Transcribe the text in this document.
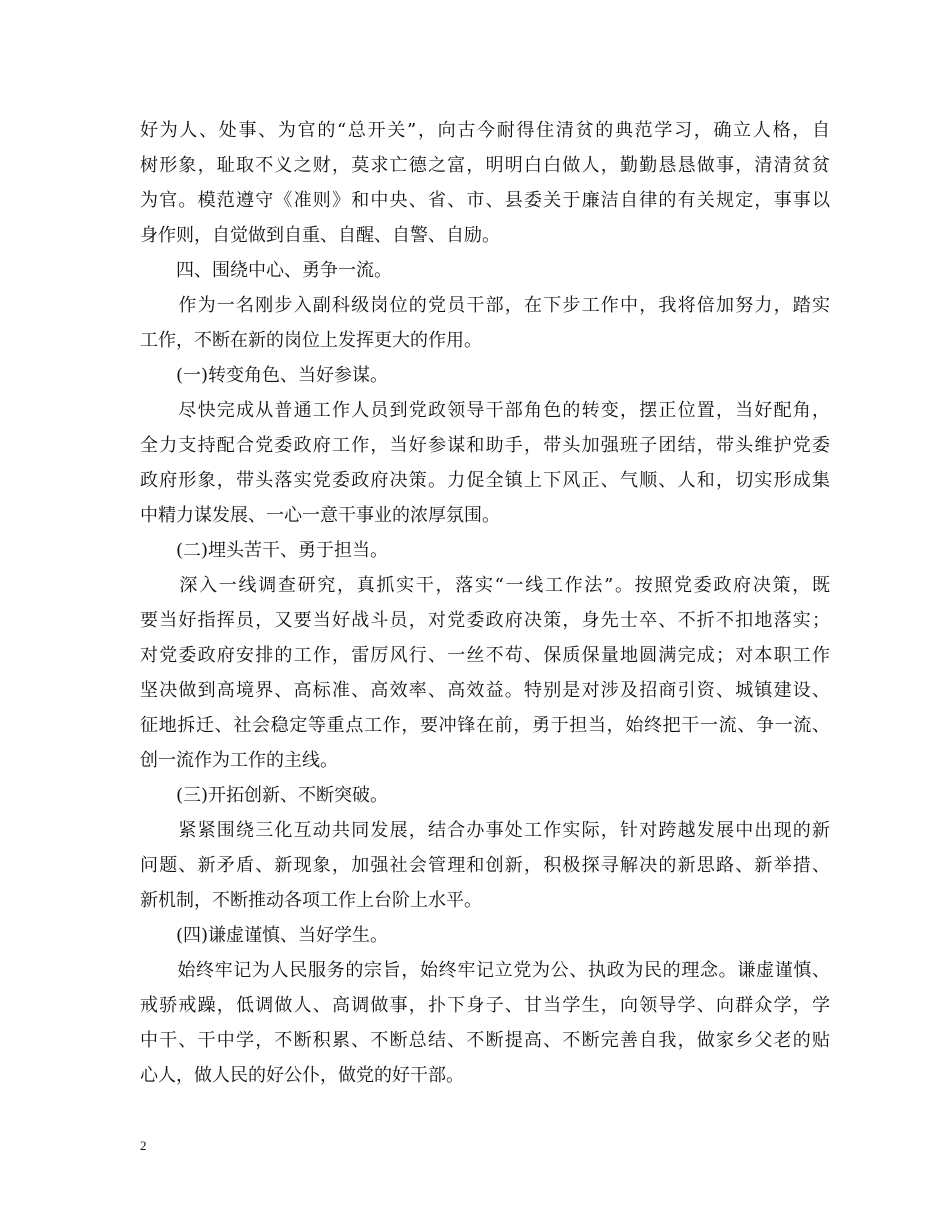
好为人、处事、为官的“总开关”，向古今耐得住清贫的典范学习，确立人格，自
树形象，耻取不义之财，莫求亡德之富，明明白白做人，勤勤恳恳做事，清清贫贫
为官。模范遵守《准则》和中央、省、市、县委关于廉洁自律的有关规定，事事以
身作则，自觉做到自重、自醒、自警、自励。
　　四、围绕中心、勇争一流。
　　作为一名刚步入副科级岗位的党员干部，在下步工作中，我将倍加努力，踏实
工作，不断在新的岗位上发挥更大的作用。
　　(一)转变角色、当好参谋。
　　尽快完成从普通工作人员到党政领导干部角色的转变，摆正位置，当好配角，
全力支持配合党委政府工作，当好参谋和助手，带头加强班子团结，带头维护党委
政府形象，带头落实党委政府决策。力促全镇上下风正、气顺、人和，切实形成集
中精力谋发展、一心一意干事业的浓厚氛围。
　　(二)埋头苦干、勇于担当。
　　深入一线调查研究，真抓实干，落实“一线工作法”。按照党委政府决策，既
要当好指挥员，又要当好战斗员，对党委政府决策，身先士卒、不折不扣地落实；
对党委政府安排的工作，雷厉风行、一丝不苟、保质保量地圆满完成；对本职工作
坚决做到高境界、高标准、高效率、高效益。特别是对涉及招商引资、城镇建设、
征地拆迁、社会稳定等重点工作，要冲锋在前，勇于担当，始终把干一流、争一流、
创一流作为工作的主线。
　　(三)开拓创新、不断突破。
　　紧紧围绕三化互动共同发展，结合办事处工作实际，针对跨越发展中出现的新
问题、新矛盾、新现象，加强社会管理和创新，积极探寻解决的新思路、新举措、
新机制，不断推动各项工作上台阶上水平。
　　(四)谦虚谨慎、当好学生。
　　始终牢记为人民服务的宗旨，始终牢记立党为公、执政为民的理念。谦虚谨慎、
戒骄戒躁，低调做人、高调做事，扑下身子、甘当学生，向领导学、向群众学，学
中干、干中学，不断积累、不断总结、不断提高、不断完善自我，做家乡父老的贴
心人，做人民的好公仆，做党的好干部。
2
